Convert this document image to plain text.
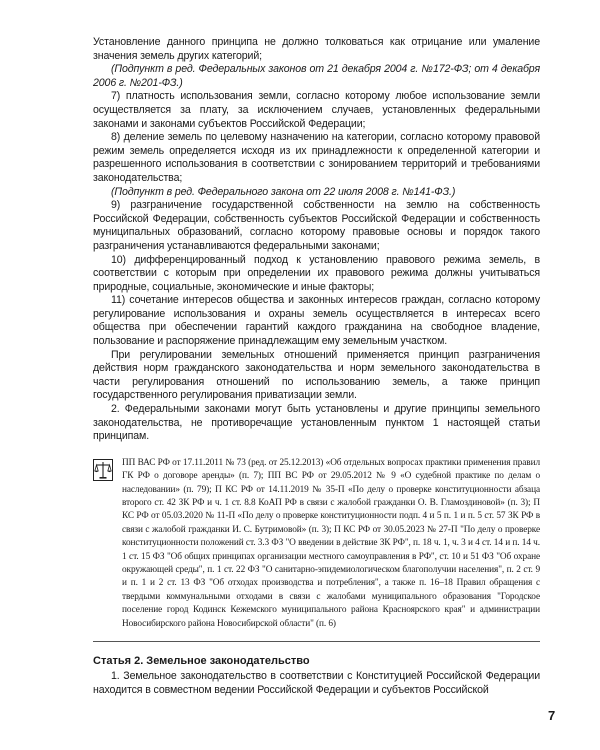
Установление данного принципа не должно толковаться как отрицание или умаление значения земель других категорий;

(Подпункт в ред. Федеральных законов от 21 декабря 2004 г. №172-ФЗ; от 4 декабря 2006 г. №201-ФЗ.)

7) платность использования земли, согласно которому любое использование земли осуществляется за плату, за исключением случаев, установленных федеральными законами и законами субъектов Российской Федерации;

8) деление земель по целевому назначению на категории, согласно которому правовой режим земель определяется исходя из их принадлежности к определенной категории и разрешенного использования в соответствии с зонированием территорий и требованиями законодательства;

(Подпункт в ред. Федерального закона от 22 июля 2008 г. №141-ФЗ.)

9) разграничение государственной собственности на землю на собственность Российской Федерации, собственность субъектов Российской Федерации и собственность муниципальных образований, согласно которому правовые основы и порядок такого разграничения устанавливаются федеральными законами;

10) дифференцированный подход к установлению правового режима земель, в соответствии с которым при определении их правового режима должны учитываться природные, социальные, экономические и иные факторы;

11) сочетание интересов общества и законных интересов граждан, согласно которому регулирование использования и охраны земель осуществляется в интересах всего общества при обеспечении гарантий каждого гражданина на свободное владение, пользование и распоряжение принадлежащим ему земельным участком.

При регулировании земельных отношений применяется принцип разграничения действия норм гражданского законодательства и норм земельного законодательства в части регулирования отношений по использованию земель, а также принцип государственного регулирования приватизации земли.

2. Федеральными законами могут быть установлены и другие принципы земельного законодательства, не противоречащие установленным пунктом 1 настоящей статьи принципам.

ПП ВАС РФ от 17.11.2011 № 73 (ред. от 25.12.2013) «Об отдельных вопросах практики применения правил ГК РФ о договоре аренды» (п. 7); ПП ВС РФ от 29.05.2012 № 9 «О судебной практике по делам о наследовании» (п. 79); П КС РФ от 14.11.2019 № 35-П «По делу о проверке конституционности абзаца второго ст. 42 ЗК РФ и ч. 1 ст. 8.8 КоАП РФ в связи с жалобой гражданки О. В. Гламоздиновой» (п. 3); П КС РФ от 05.03.2020 № 11-П «По делу о проверке конституционности подп. 4 и 5 п. 1 и п. 5 ст. 57 ЗК РФ в связи с жалобой гражданки И. С. Бутримовой» (п. 3); П КС РФ от 30.05.2023 № 27-П "По делу о проверке конституционности положений ст. 3.3 ФЗ "О введении в действие ЗК РФ", п. 18 ч. 1, ч. 3 и 4 ст. 14 и п. 14 ч. 1 ст. 15 ФЗ "Об общих принципах организации местного самоуправления в РФ", ст. 10 и 51 ФЗ "Об охране окружающей среды", п. 1 ст. 22 ФЗ "О санитарно-эпидемиологическом благополучии населения", п. 2 ст. 9 и п. 1 и 2 ст. 13 ФЗ "Об отходах производства и потребления", а также п. 16–18 Правил обращения с твердыми коммунальными отходами в связи с жалобами муниципального образования "Городское поселение город Кодинск Кежемского муниципального района Красноярского края" и администрации Новосибирского района Новосибирской области" (п. 6)

Статья 2. Земельное законодательство

1. Земельное законодательство в соответствии с Конституцией Российской Федерации находится в совместном ведении Российской Федерации и субъектов Российской

7
